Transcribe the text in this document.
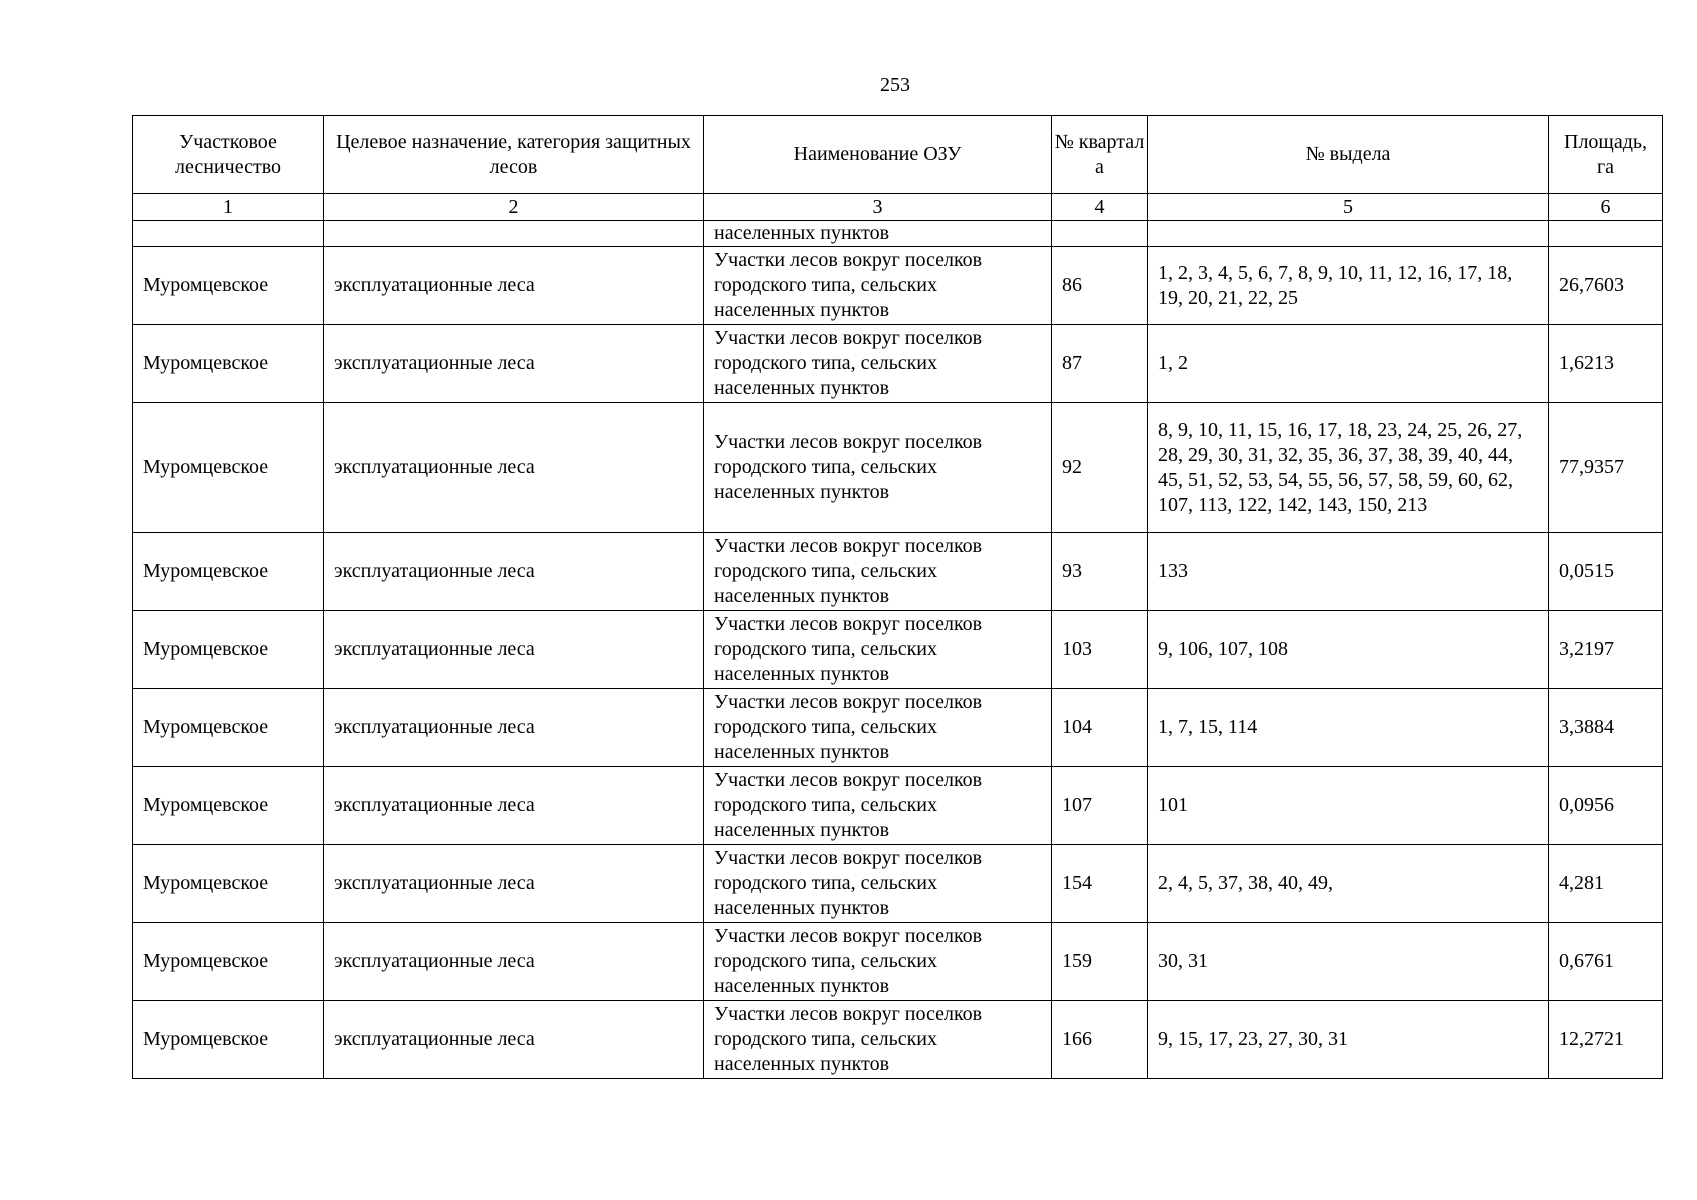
253
Участковое лесничество	Целевое назначение, категория защитных лесов	Наименование ОЗУ	№ квартал а	№ выдела	Площадь, га
1	2	3	4	5	6
		населенных пунктов			
Муромцевское	эксплуатационные леса	Участки лесов вокруг поселков городского типа, сельских населенных пунктов	86	1, 2, 3, 4, 5, 6, 7, 8, 9, 10, 11, 12, 16, 17, 18, 19, 20, 21, 22, 25	26,7603
Муромцевское	эксплуатационные леса	Участки лесов вокруг поселков городского типа, сельских населенных пунктов	87	1, 2	1,6213
Муромцевское	эксплуатационные леса	Участки лесов вокруг поселков городского типа, сельских населенных пунктов	92	8, 9, 10, 11, 15, 16, 17, 18, 23, 24, 25, 26, 27, 28, 29, 30, 31, 32, 35, 36, 37, 38, 39, 40, 44, 45, 51, 52, 53, 54, 55, 56, 57, 58, 59, 60, 62, 107, 113, 122, 142, 143, 150, 213	77,9357
Муромцевское	эксплуатационные леса	Участки лесов вокруг поселков городского типа, сельских населенных пунктов	93	133	0,0515
Муромцевское	эксплуатационные леса	Участки лесов вокруг поселков городского типа, сельских населенных пунктов	103	9, 106, 107, 108	3,2197
Муромцевское	эксплуатационные леса	Участки лесов вокруг поселков городского типа, сельских населенных пунктов	104	1, 7, 15, 114	3,3884
Муромцевское	эксплуатационные леса	Участки лесов вокруг поселков городского типа, сельских населенных пунктов	107	101	0,0956
Муромцевское	эксплуатационные леса	Участки лесов вокруг поселков городского типа, сельских населенных пунктов	154	2, 4, 5, 37, 38, 40, 49,	4,281
Муромцевское	эксплуатационные леса	Участки лесов вокруг поселков городского типа, сельских населенных пунктов	159	30, 31	0,6761
Муромцевское	эксплуатационные леса	Участки лесов вокруг поселков городского типа, сельских населенных пунктов	166	9, 15, 17, 23, 27, 30, 31	12,2721
